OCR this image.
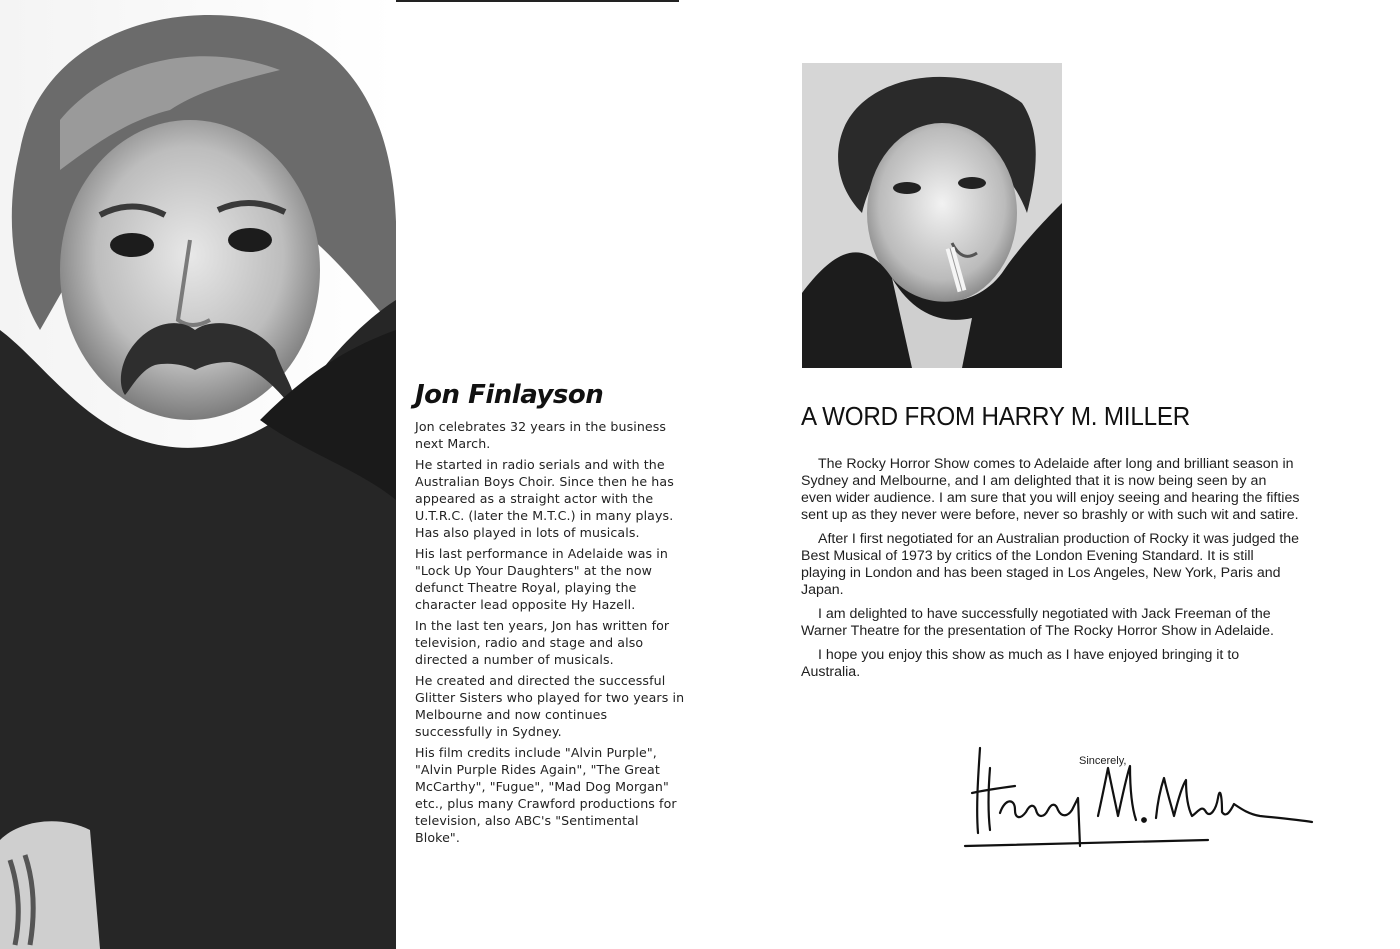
Jon Finlayson

Jon celebrates 32 years in the business next March.

He started in radio serials and with the Australian Boys Choir. Since then he has appeared as a straight actor with the U.T.R.C. (later the M.T.C.) in many plays. Has also played in lots of musicals.

His last performance in Adelaide was in "Lock Up Your Daughters" at the now defunct Theatre Royal, playing the character lead opposite Hy Hazell.

In the last ten years, Jon has written for television, radio and stage and also directed a number of musicals.

He created and directed the successful Glitter Sisters who played for two years in Melbourne and now continues successfully in Sydney.

His film credits include "Alvin Purple", "Alvin Purple Rides Again", "The Great McCarthy", "Fugue", "Mad Dog Morgan" etc., plus many Crawford productions for television, also ABC's "Sentimental Bloke".

A WORD FROM HARRY M. MILLER

The Rocky Horror Show comes to Adelaide after long and brilliant season in Sydney and Melbourne, and I am delighted that it is now being seen by an even wider audience. I am sure that you will enjoy seeing and hearing the fifties sent up as they never were before, never so brashly or with such wit and satire.

After I first negotiated for an Australian production of Rocky it was judged the Best Musical of 1973 by critics of the London Evening Standard. It is still playing in London and has been staged in Los Angeles, New York, Paris and Japan.

I am delighted to have successfully negotiated with Jack Freeman of the Warner Theatre for the presentation of The Rocky Horror Show in Adelaide.

I hope you enjoy this show as much as I have enjoyed bringing it to Australia.

Sincerely,
